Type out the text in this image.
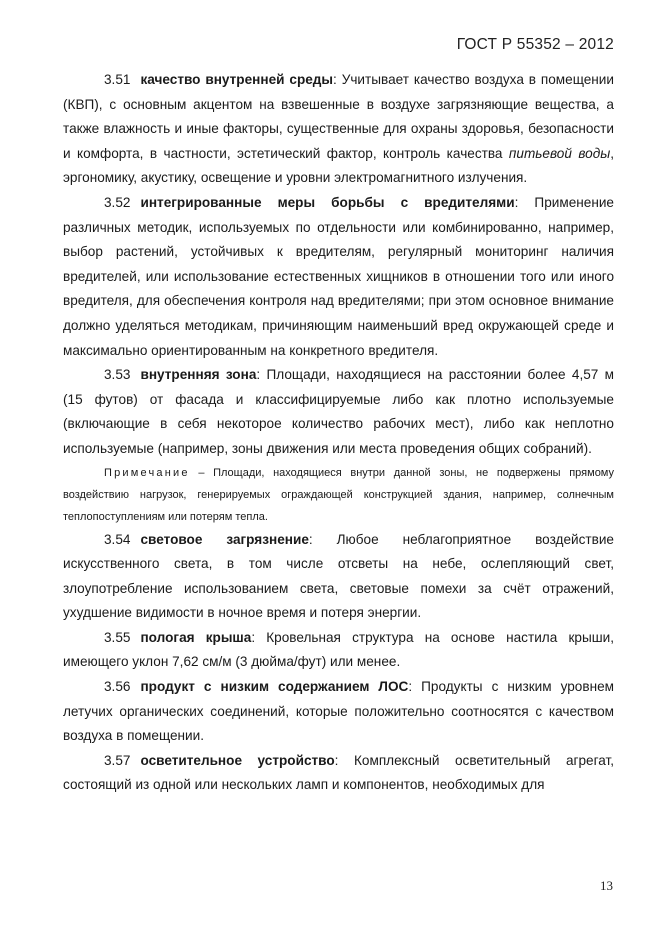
ГОСТ Р 55352 – 2012

3.51 качество внутренней среды: Учитывает качество воздуха в помещении (КВП), с основным акцентом на взвешенные в воздухе загрязняющие вещества, а также влажность и иные факторы, существенные для охраны здоровья, безопасности и комфорта, в частности, эстетический фактор, контроль качества питьевой воды, эргономику, акустику, освещение и уровни электромагнитного излучения.

3.52 интегрированные меры борьбы с вредителями: Применение различных методик, используемых по отдельности или комбинированно, например, выбор растений, устойчивых к вредителям, регулярный мониторинг наличия вредителей, или использование естественных хищников в отношении того или иного вредителя, для обеспечения контроля над вредителями; при этом основное внимание должно уделяться методикам, причиняющим наименьший вред окружающей среде и максимально ориентированным на конкретного вредителя.

3.53 внутренняя зона: Площади, находящиеся на расстоянии более 4,57 м (15 футов) от фасада и классифицируемые либо как плотно используемые (включающие в себя некоторое количество рабочих мест), либо как неплотно используемые (например, зоны движения или места проведения общих собраний).

Примечание – Площади, находящиеся внутри данной зоны, не подвержены прямому воздействию нагрузок, генерируемых ограждающей конструкцией здания, например, солнечным теплопоступлениям или потерям тепла.

3.54 световое загрязнение: Любое неблагоприятное воздействие искусственного света, в том числе отсветы на небе, ослепляющий свет, злоупотребление использованием света, световые помехи за счёт отражений, ухудшение видимости в ночное время и потеря энергии.

3.55 пологая крыша: Кровельная структура на основе настила крыши, имеющего уклон 7,62 см/м (3 дюйма/фут) или менее.

3.56 продукт с низким содержанием ЛОС: Продукты с низким уровнем летучих органических соединений, которые положительно соотносятся с качеством воздуха в помещении.

3.57 осветительное устройство: Комплексный осветительный агрегат, состоящий из одной или нескольких ламп и компонентов, необходимых для

13
